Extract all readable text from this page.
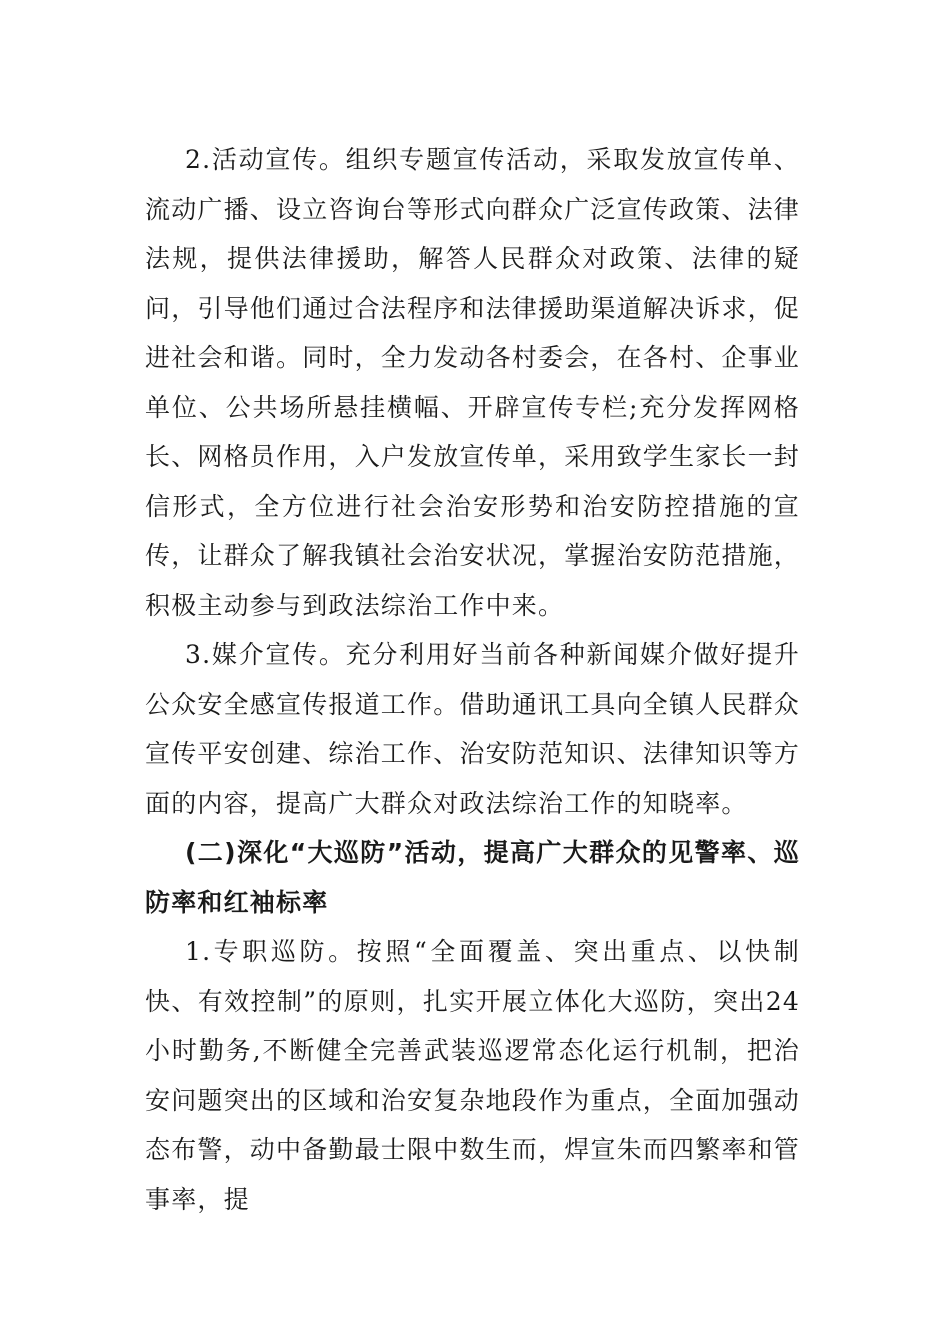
2.活动宣传。组织专题宣传活动，采取发放宣传单、流动广播、设立咨询台等形式向群众广泛宣传政策、法律法规，提供法律援助，解答人民群众对政策、法律的疑问，引导他们通过合法程序和法律援助渠道解决诉求，促进社会和谐。同时，全力发动各村委会，在各村、企事业单位、公共场所悬挂横幅、开辟宣传专栏;充分发挥网格长、网格员作用，入户发放宣传单，采用致学生家长一封信形式，全方位进行社会治安形势和治安防控措施的宣传，让群众了解我镇社会治安状况，掌握治安防范措施，积极主动参与到政法综治工作中来。

3.媒介宣传。充分利用好当前各种新闻媒介做好提升公众安全感宣传报道工作。借助通讯工具向全镇人民群众宣传平安创建、综治工作、治安防范知识、法律知识等方面的内容，提高广大群众对政法综治工作的知晓率。

(二)深化“大巡防”活动，提高广大群众的见警率、巡防率和红袖标率

1.专职巡防。按照“全面覆盖、突出重点、以快制快、有效控制”的原则，扎实开展立体化大巡防，突出24小时勤务,不断健全完善武装巡逻常态化运行机制，把治安问题突出的区域和治安复杂地段作为重点，全面加强动态布警，动中备勤最士限中数生而，焊宣朱而四繁率和管事率，提
